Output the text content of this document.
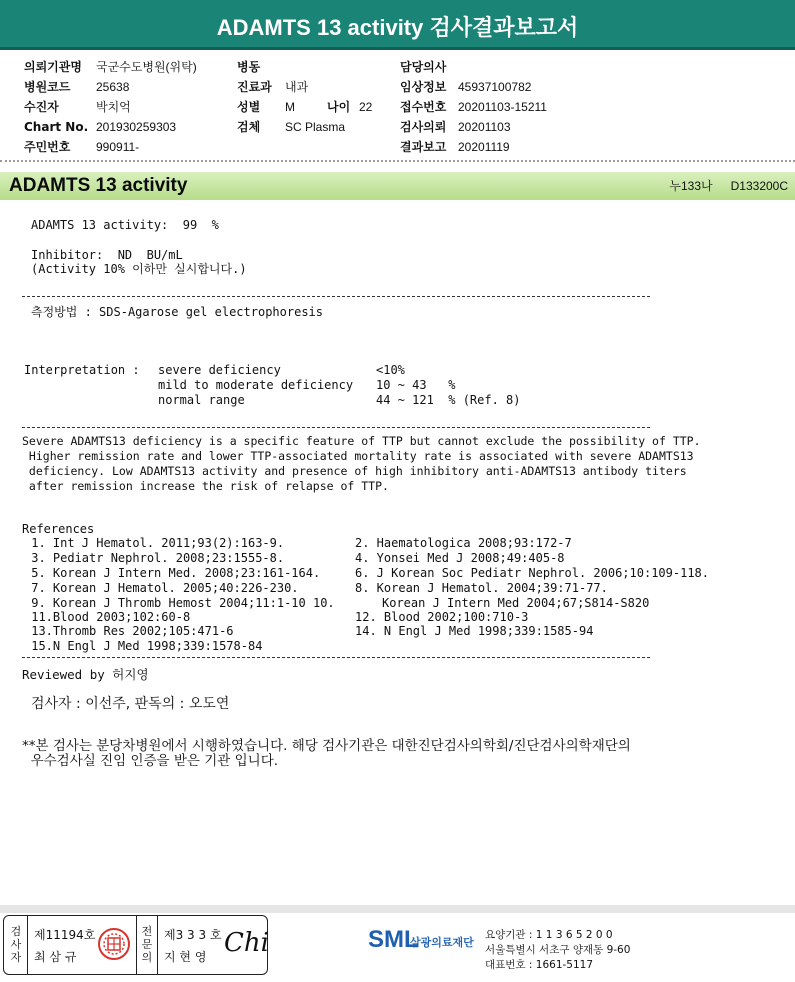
ADAMTS 13 activity 검사결과보고서
의뢰기관명 국군수도병원(위탁)
병원코드 25638
수진자	박치억
Chart No. 201930259303
주민번호 990911-
병동
진료과 내과
성별 M	나이 22
검체 SC Plasma
담당의사
임상정보 45937100782
접수번호 20201103-15211
검사의뢰 20201103
결과보고 20201119
ADAMTS 13 activity	누133나 D133200C
ADAMTS 13 activity:  99  %
Inhibitor:  ND  BU/mL
(Activity 10% 이하만 실시합니다.)
측정방법 : SDS-Agarose gel electrophoresis
Interpretation : severe deficiency	<10%
mild to moderate deficiency 10 ~ 43   %
normal range	44 ~ 121  % (Ref. 8)
Severe ADAMTS13 deficiency is a specific feature of TTP but cannot exclude the possibility of TTP.
Higher remission rate and lower TTP-associated mortality rate is associated with severe ADAMTS13
deficiency. Low ADAMTS13 activity and presence of high inhibitory anti-ADAMTS13 antibody titers
after remission increase the risk of relapse of TTP.
References
1. Int J Hematol. 2011;93(2):163-9.	2. Haematologica 2008;93:172-7
3. Pediatr Nephrol. 2008;23:1555-8.	4. Yonsei Med J 2008;49:405-8
5. Korean J Intern Med. 2008;23:161-164.	6. J Korean Soc Pediatr Nephrol. 2006;10:109-118.
7. Korean J Hematol. 2005;40:226-230.	8. Korean J Hematol. 2004;39:71-77.
9. Korean J Thromb Hemost 2004;11:1-10 10.	Korean J Intern Med 2004;67;S814-S820
11.Blood 2003;102:60-8	12. Blood 2002;100:710-3
13.Thromb Res 2002;105:471-6	14. N Engl J Med 1998;339:1585-94
15.N Engl J Med 1998;339:1578-84
Reviewed by 허지영
검사자 : 이선주, 판독의 : 오도연
**본 검사는 분당차병원에서 시행하였습니다. 해당 검사기관은 대한진단검사의학회/진단검사의학재단의
우수검사실 진임 인증을 받은 기관 입니다.
검사자
제11194호
최 삼 규
전문의
제3 3 3 호
지 현 영 Chi	SML
삼광의료재단
요양기관 : 1 1 3 6 5 2 0 0
서울특별시 서초구 양재동 9-60
대표번호 : 1661-5117
